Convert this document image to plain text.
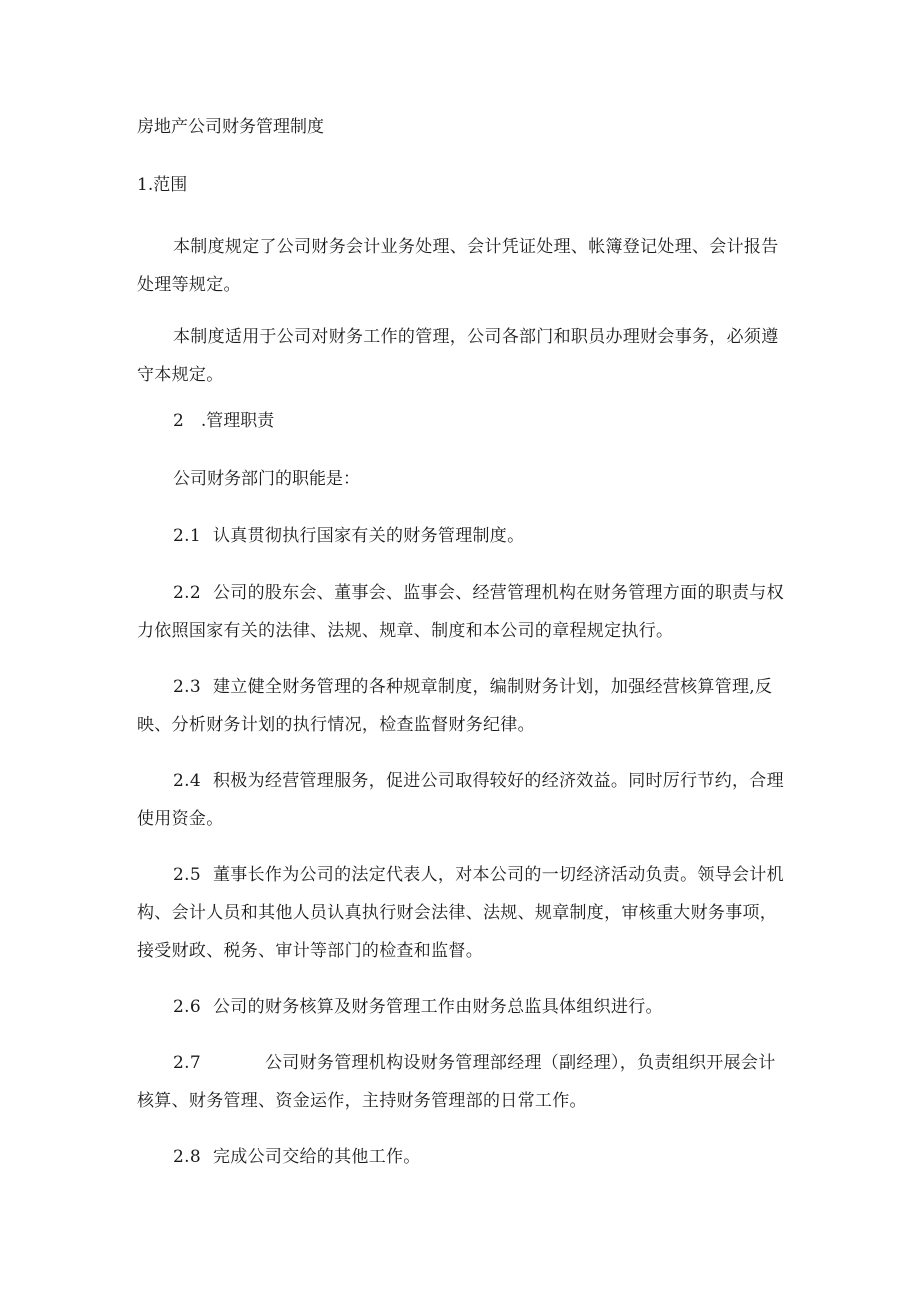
房地产公司财务管理制度
1.范围
本制度规定了公司财务会计业务处理、会计凭证处理、帐簿登记处理、会计报告处理等规定。
本制度适用于公司对财务工作的管理，公司各部门和职员办理财会事务，必须遵守本规定。
2　.管理职责
公司财务部门的职能是：
2.1 认真贯彻执行国家有关的财务管理制度。
2.2 公司的股东会、董事会、监事会、经营管理机构在财务管理方面的职责与权力依照国家有关的法律、法规、规章、制度和本公司的章程规定执行。
2.3 建立健全财务管理的各种规章制度，编制财务计划，加强经营核算管理,反映、分析财务计划的执行情况，检查监督财务纪律。
2.4 积极为经营管理服务，促进公司取得较好的经济效益。同时厉行节约，合理使用资金。
2.5 董事长作为公司的法定代表人，对本公司的一切经济活动负责。领导会计机构、会计人员和其他人员认真执行财会法律、法规、规章制度，审核重大财务事项，接受财政、税务、审计等部门的检查和监督。
2.6 公司的财务核算及财务管理工作由财务总监具体组织进行。
2.7	公司财务管理机构设财务管理部经理（副经理），负责组织开展会计核算、财务管理、资金运作，主持财务管理部的日常工作。
2.8 完成公司交给的其他工作。
